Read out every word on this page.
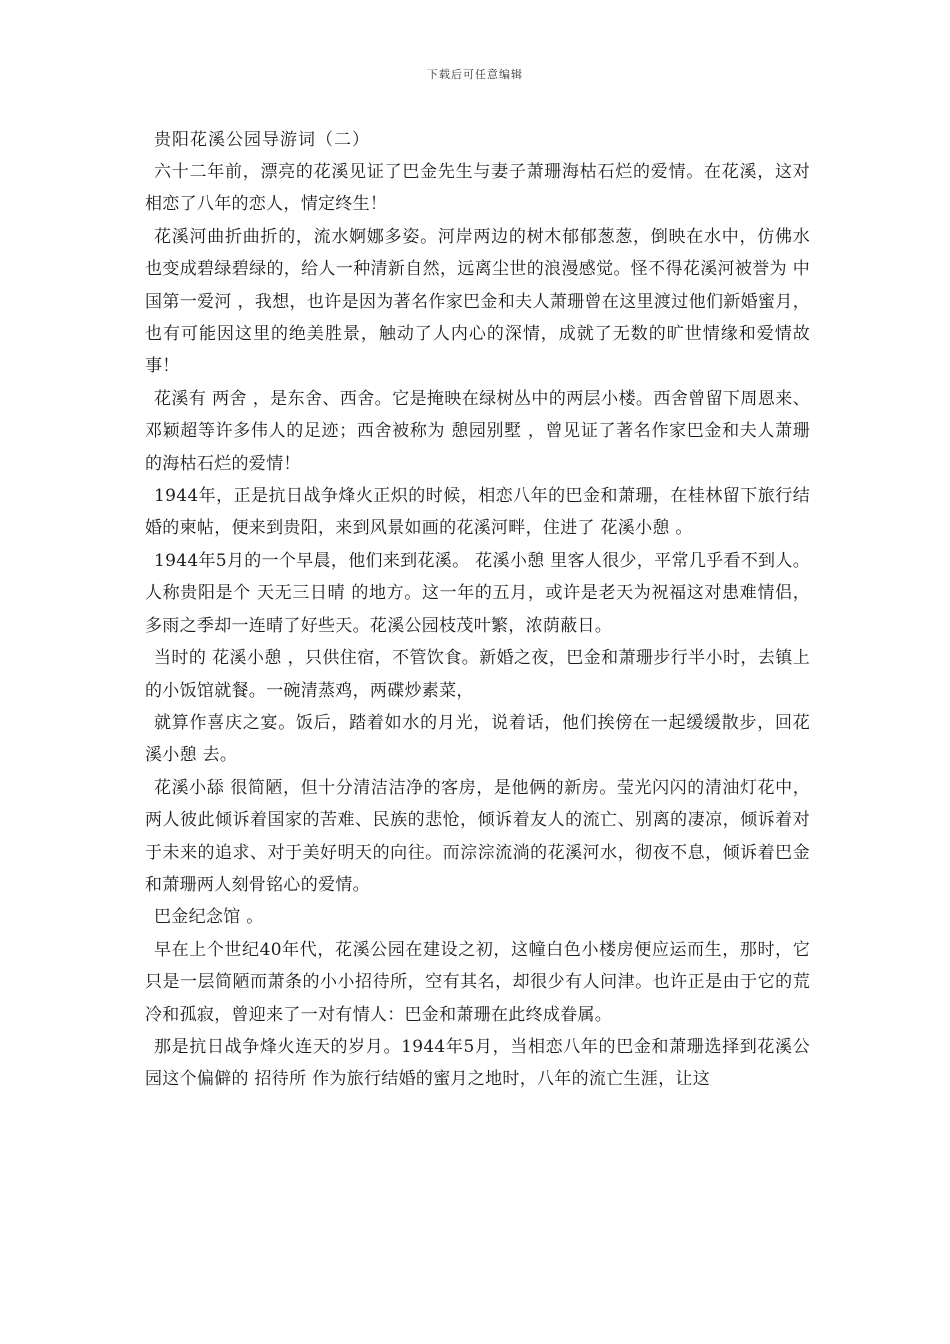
下载后可任意编辑
贵阳花溪公园导游词（二）

六十二年前，漂亮的花溪见证了巴金先生与妻子萧珊海枯石烂的爱情。在花溪，这对相恋了八年的恋人，情定终生！

花溪河曲折曲折的，流水婀娜多姿。河岸两边的树木郁郁葱葱，倒映在水中，仿佛水也变成碧绿碧绿的，给人一种清新自然，远离尘世的浪漫感觉。怪不得花溪河被誉为 中国第一爱河 ，我想，也许是因为著名作家巴金和夫人萧珊曾在这里渡过他们新婚蜜月，也有可能因这里的绝美胜景，触动了人内心的深情，成就了无数的旷世情缘和爱情故事！

花溪有 两舍 ，是东舍、西舍。它是掩映在绿树丛中的两层小楼。西舍曾留下周恩来、邓颖超等许多伟人的足迹；西舍被称为 憩园别墅 ，曾见证了著名作家巴金和夫人萧珊的海枯石烂的爱情！

1944年，正是抗日战争烽火正炽的时候，相恋八年的巴金和萧珊，在桂林留下旅行结婚的柬帖，便来到贵阳，来到风景如画的花溪河畔，住进了 花溪小憩 。

1944年5月的一个早晨，他们来到花溪。 花溪小憩 里客人很少，平常几乎看不到人。人称贵阳是个 天无三日晴 的地方。这一年的五月，或许是老天为祝福这对患难情侣，多雨之季却一连晴了好些天。花溪公园枝茂叶繁，浓荫蔽日。

当时的 花溪小憩 ，只供住宿，不管饮食。新婚之夜，巴金和萧珊步行半小时，去镇上的小饭馆就餐。一碗清蒸鸡，两碟炒素菜，

就算作喜庆之宴。饭后，踏着如水的月光，说着话，他们挨傍在一起缓缓散步，回花溪小憩 去。

花溪小舔 很简陋，但十分清洁洁净的客房，是他俩的新房。莹光闪闪的清油灯花中，两人彼此倾诉着国家的苦难、民族的悲怆，倾诉着友人的流亡、别离的凄凉，倾诉着对于未来的追求、对于美好明天的向往。而淙淙流淌的花溪河水，彻夜不息，倾诉着巴金和萧珊两人刻骨铭心的爱情。

巴金纪念馆 。

早在上个世纪40年代，花溪公园在建设之初，这幢白色小楼房便应运而生，那时，它只是一层简陋而萧条的小小招待所，空有其名，却很少有人问津。也许正是由于它的荒冷和孤寂，曾迎来了一对有情人：巴金和萧珊在此终成眷属。

那是抗日战争烽火连天的岁月。1944年5月，当相恋八年的巴金和萧珊选择到花溪公园这个偏僻的 招待所 作为旅行结婚的蜜月之地时，八年的流亡生涯，让这
